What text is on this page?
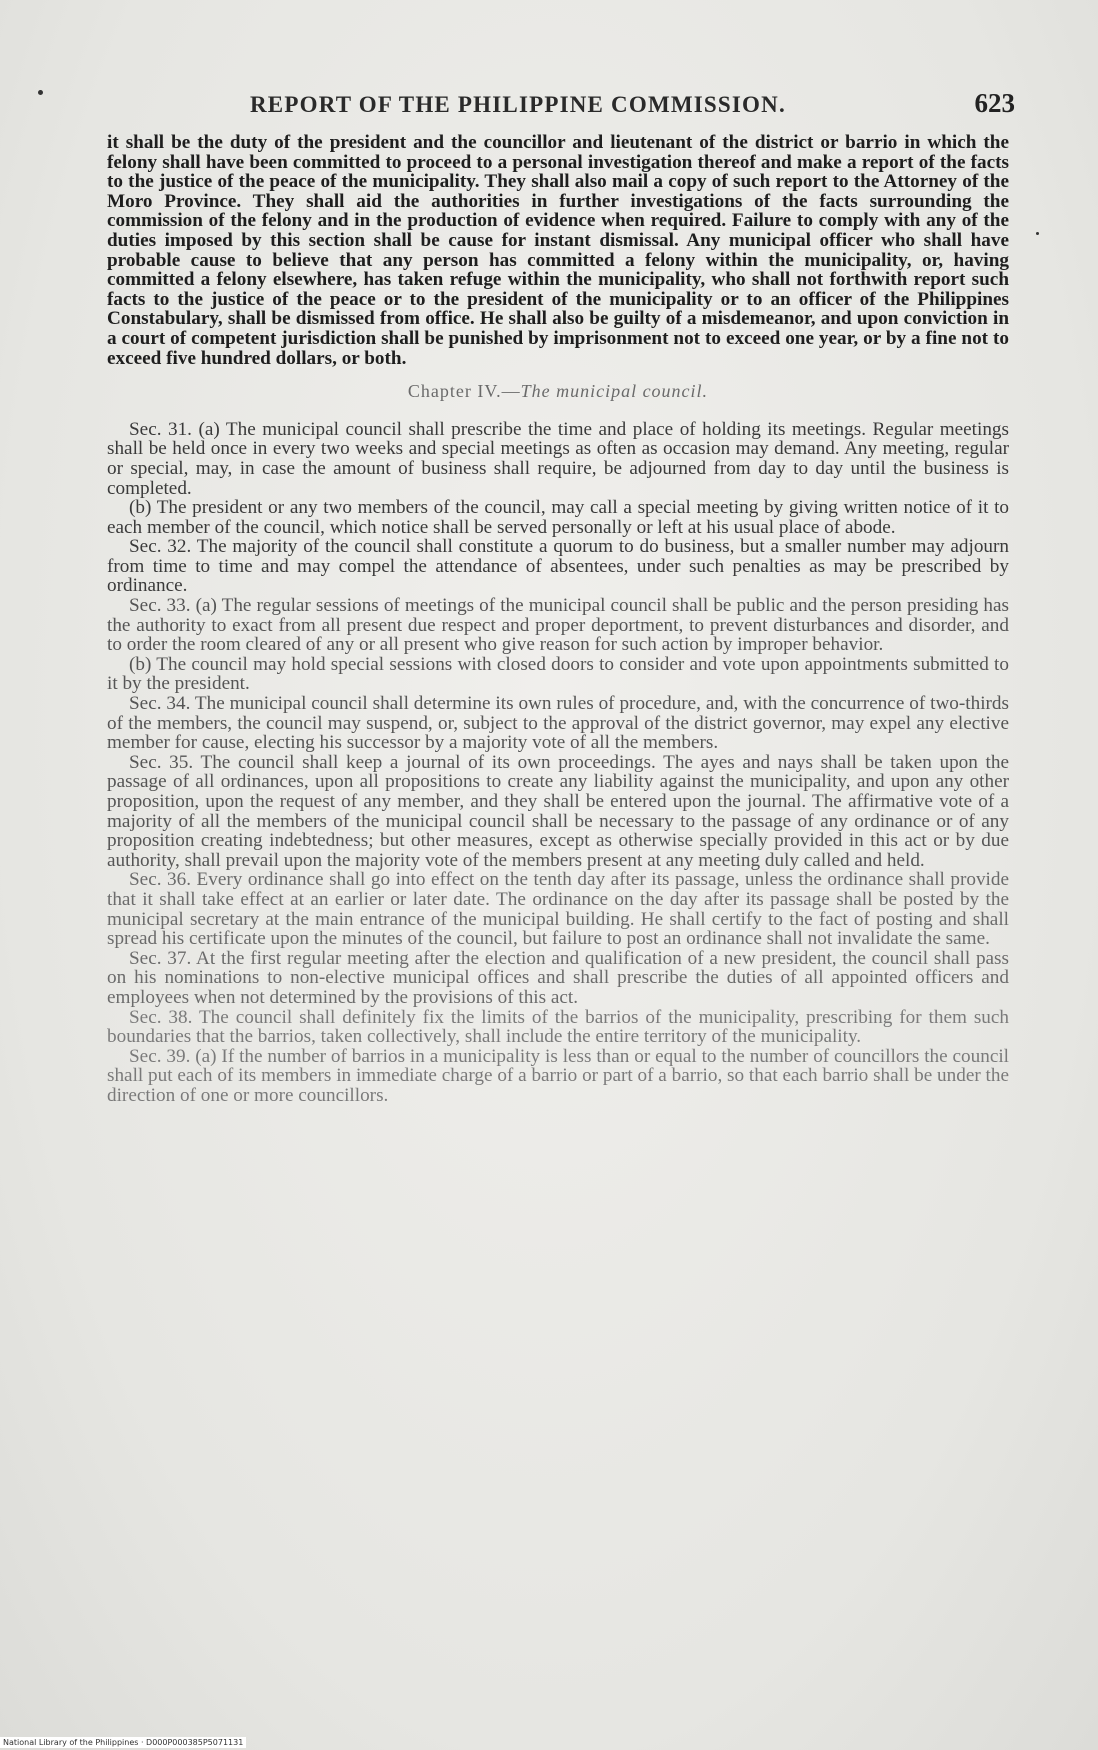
REPORT OF THE PHILIPPINE COMMISSION.	623

it shall be the duty of the president and the councillor and lieutenant of the district or barrio in which the felony shall have been committed to proceed to a personal investigation thereof and make a report of the facts to the justice of the peace of the municipality. They shall also mail a copy of such report to the Attorney of the Moro Province. They shall aid the authorities in further investigations of the facts surrounding the commission of the felony and in the production of evidence when required. Failure to comply with any of the duties imposed by this section shall be cause for instant dismissal. Any municipal officer who shall have probable cause to believe that any person has committed a felony within the municipality, or, having committed a felony elsewhere, has taken refuge within the municipality, who shall not forthwith report such facts to the justice of the peace or to the president of the municipality or to an officer of the Philippines Constabulary, shall be dismissed from office. He shall also be guilty of a misdemeanor, and upon conviction in a court of competent jurisdiction shall be punished by imprisonment not to exceed one year, or by a fine not to exceed five hundred dollars, or both.

Chapter IV.—The municipal council.

Sec. 31. (a) The municipal council shall prescribe the time and place of holding its meetings. Regular meetings shall be held once in every two weeks and special meetings as often as occasion may demand. Any meeting, regular or special, may, in case the amount of business shall require, be adjourned from day to day until the business is completed.

(b) The president or any two members of the council, may call a special meeting by giving written notice of it to each member of the council, which notice shall be served personally or left at his usual place of abode.

Sec. 32. The majority of the council shall constitute a quorum to do business, but a smaller number may adjourn from time to time and may compel the attendance of absentees, under such penalties as may be prescribed by ordinance.

Sec. 33. (a) The regular sessions of meetings of the municipal council shall be public and the person presiding has the authority to exact from all present due respect and proper deportment, to prevent disturbances and disorder, and to order the room cleared of any or all present who give reason for such action by improper behavior.

(b) The council may hold special sessions with closed doors to consider and vote upon appointments submitted to it by the president.

Sec. 34. The municipal council shall determine its own rules of procedure, and, with the concurrence of two-thirds of the members, the council may suspend, or, subject to the approval of the district governor, may expel any elective member for cause, electing his successor by a majority vote of all the members.

Sec. 35. The council shall keep a journal of its own proceedings. The ayes and nays shall be taken upon the passage of all ordinances, upon all propositions to create any liability against the municipality, and upon any other proposition, upon the request of any member, and they shall be entered upon the journal. The affirmative vote of a majority of all the members of the municipal council shall be necessary to the passage of any ordinance or of any proposition creating indebtedness; but other measures, except as otherwise specially provided in this act or by due authority, shall prevail upon the majority vote of the members present at any meeting duly called and held.

Sec. 36. Every ordinance shall go into effect on the tenth day after its passage, unless the ordinance shall provide that it shall take effect at an earlier or later date. The ordinance on the day after its passage shall be posted by the municipal secretary at the main entrance of the municipal building. He shall certify to the fact of posting and shall spread his certificate upon the minutes of the council, but failure to post an ordinance shall not invalidate the same.

Sec. 37. At the first regular meeting after the election and qualification of a new president, the council shall pass on his nominations to non-elective municipal offices and shall prescribe the duties of all appointed officers and employees when not determined by the provisions of this act.

Sec. 38. The council shall definitely fix the limits of the barrios of the municipality, prescribing for them such boundaries that the barrios, taken collectively, shall include the entire territory of the municipality.

Sec. 39. (a) If the number of barrios in a municipality is less than or equal to the number of councillors the council shall put each of its members in immediate charge of a barrio or part of a barrio, so that each barrio shall be under the direction of one or more councillors.

National Library of the Philippines · D000P000385P5071131
